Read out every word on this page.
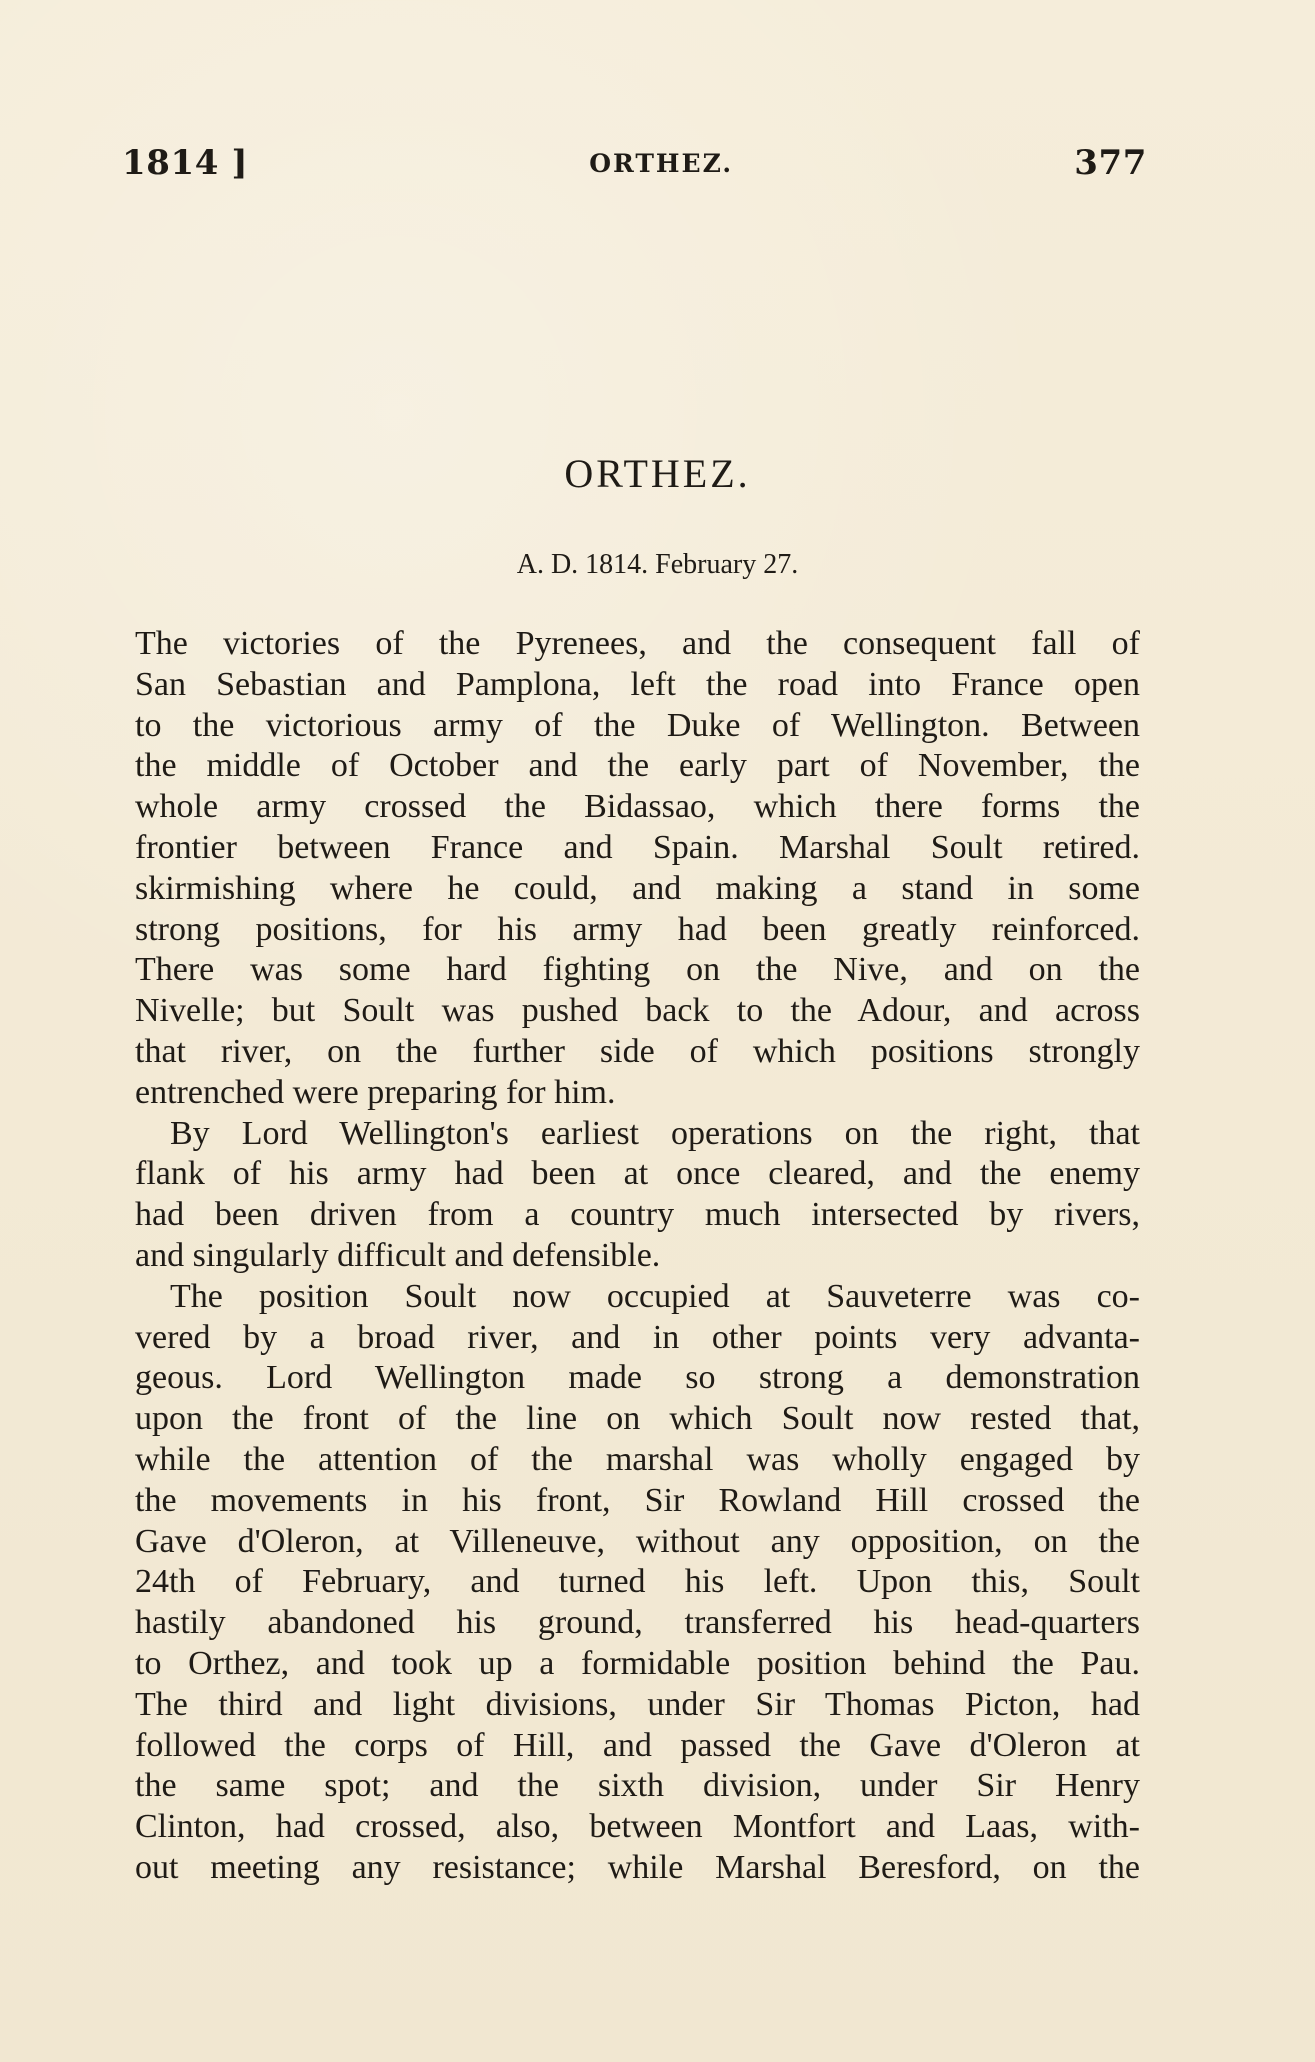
1814 ]	ORTHEZ.	377
ORTHEZ.
A. D. 1814. February 27.
The victories of the Pyrenees, and the consequent fall of
San Sebastian and Pamplona, left the road into France open
to the victorious army of the Duke of Wellington. Between
the middle of October and the early part of November, the
whole army crossed the Bidassao, which there forms the
frontier between France and Spain. Marshal Soult retired.
skirmishing where he could, and making a stand in some
strong positions, for his army had been greatly reinforced.
There was some hard fighting on the Nive, and on the
Nivelle; but Soult was pushed back to the Adour, and across
that river, on the further side of which positions strongly
entrenched were preparing for him.
By Lord Wellington's earliest operations on the right, that
flank of his army had been at once cleared, and the enemy
had been driven from a country much intersected by rivers,
and singularly difficult and defensible.
The position Soult now occupied at Sauveterre was co-
vered by a broad river, and in other points very advanta-
geous. Lord Wellington made so strong a demonstration
upon the front of the line on which Soult now rested that,
while the attention of the marshal was wholly engaged by
the movements in his front, Sir Rowland Hill crossed the
Gave d'Oleron, at Villeneuve, without any opposition, on the
24th of February, and turned his left. Upon this, Soult
hastily abandoned his ground, transferred his head-quarters
to Orthez, and took up a formidable position behind the Pau.
The third and light divisions, under Sir Thomas Picton, had
followed the corps of Hill, and passed the Gave d'Oleron at
the same spot; and the sixth division, under Sir Henry
Clinton, had crossed, also, between Montfort and Laas, with-
out meeting any resistance; while Marshal Beresford, on the
